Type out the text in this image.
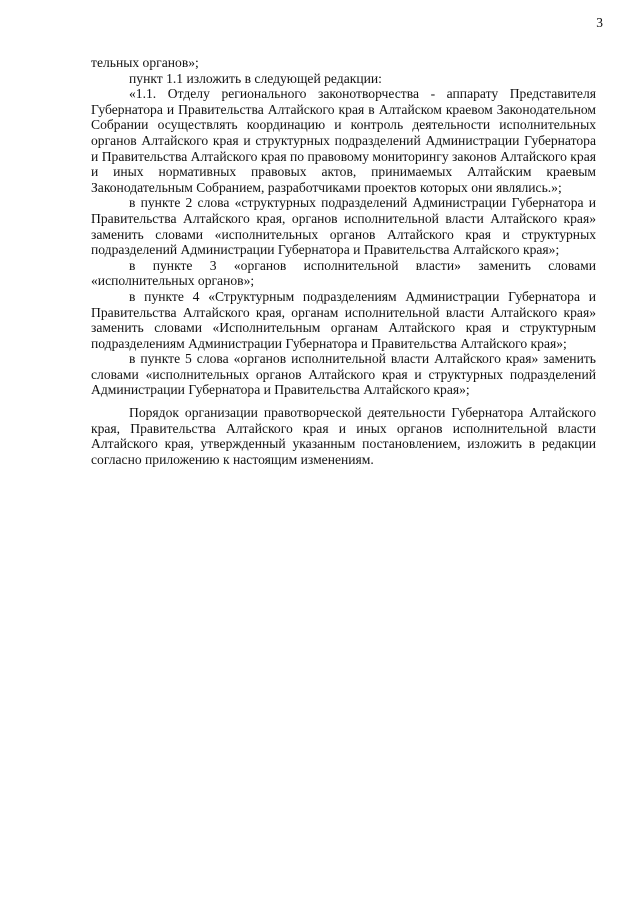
3

тельных органов»;

пункт 1.1 изложить в следующей редакции:

«1.1. Отделу регионального законотворчества - аппарату Представителя Губернатора и Правительства Алтайского края в Алтайском краевом Законодательном Собрании осуществлять координацию и контроль деятельности исполнительных органов Алтайского края и структурных подразделений Администрации Губернатора и Правительства Алтайского края по правовому мониторингу законов Алтайского края и иных нормативных правовых актов, принимаемых Алтайским краевым Законодательным Собранием, разработчиками проектов которых они являлись.»;

в пункте 2 слова «структурных подразделений Администрации Губернатора и Правительства Алтайского края, органов исполнительной власти Алтайского края» заменить словами «исполнительных органов Алтайского края и структурных подразделений Администрации Губернатора и Правительства Алтайского края»;

в пункте 3 «органов исполнительной власти» заменить словами «исполнительных органов»;

в пункте 4 «Структурным подразделениям Администрации Губернатора и Правительства Алтайского края, органам исполнительной власти Алтайского края» заменить словами «Исполнительным органам Алтайского края и структурным подразделениям Администрации Губернатора и Правительства Алтайского края»;

в пункте 5 слова «органов исполнительной власти Алтайского края» заменить словами «исполнительных органов Алтайского края и структурных подразделений Администрации Губернатора и Правительства Алтайского края»;

Порядок организации правотворческой деятельности Губернатора Алтайского края, Правительства Алтайского края и иных органов исполнительной власти Алтайского края, утвержденный указанным постановлением, изложить в редакции согласно приложению к настоящим изменениям.
